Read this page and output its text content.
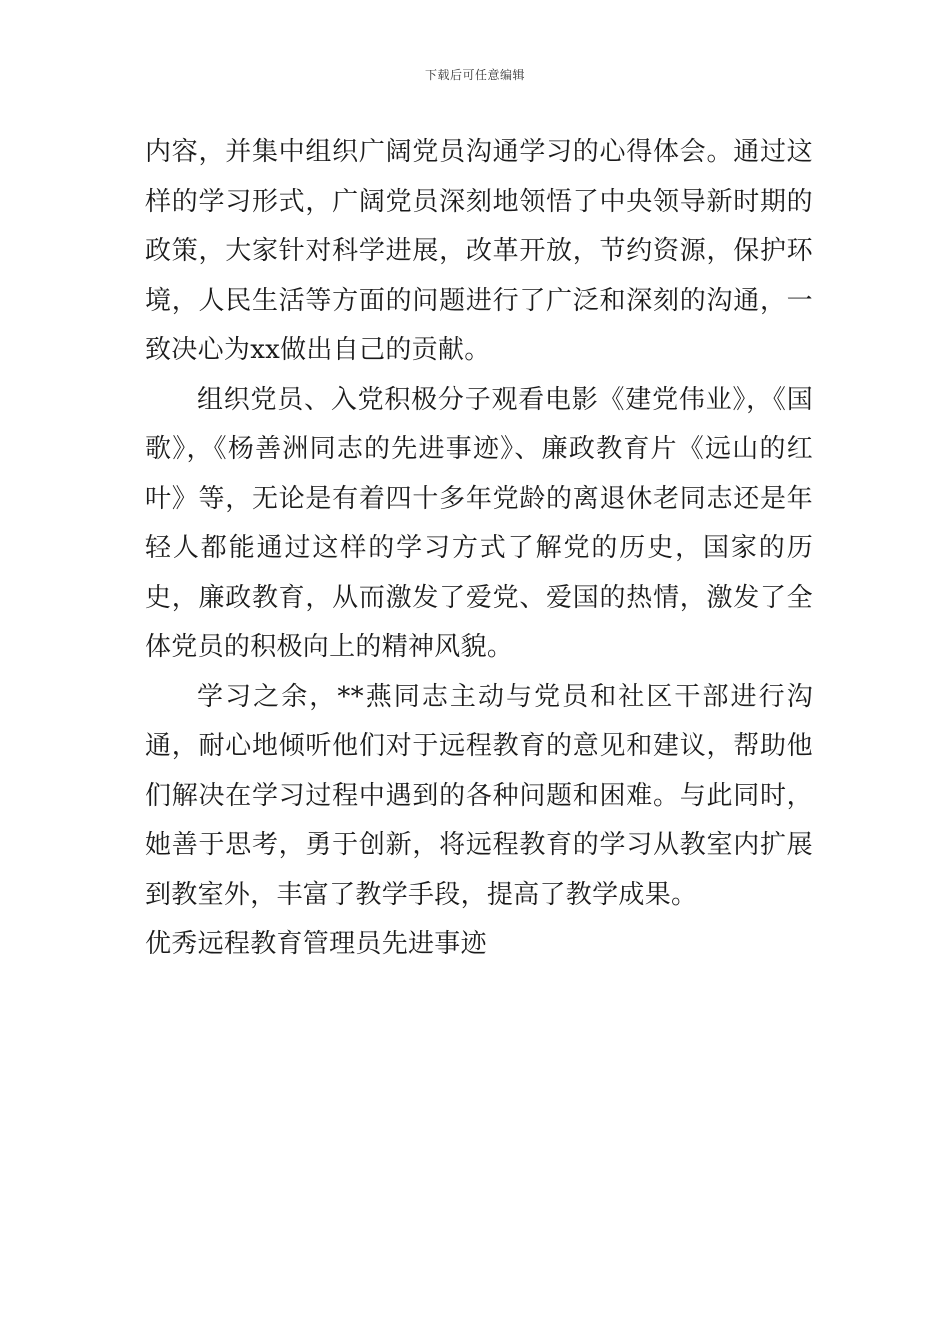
下载后可任意编辑

内容，并集中组织广阔党员沟通学习的心得体会。通过这样的学习形式，广阔党员深刻地领悟了中央领导新时期的政策，大家针对科学进展，改革开放，节约资源，保护环境，人民生活等方面的问题进行了广泛和深刻的沟通，一致决心为xx做出自己的贡献。

组织党员、入党积极分子观看电影《建党伟业》，《国歌》，《杨善洲同志的先进事迹》、廉政教育片《远山的红叶》等，无论是有着四十多年党龄的离退休老同志还是年轻人都能通过这样的学习方式了解党的历史，国家的历史，廉政教育，从而激发了爱党、爱国的热情，激发了全体党员的积极向上的精神风貌。

学习之余，**燕同志主动与党员和社区干部进行沟通，耐心地倾听他们对于远程教育的意见和建议，帮助他们解决在学习过程中遇到的各种问题和困难。与此同时，她善于思考，勇于创新，将远程教育的学习从教室内扩展到教室外，丰富了教学手段，提高了教学成果。

优秀远程教育管理员先进事迹
